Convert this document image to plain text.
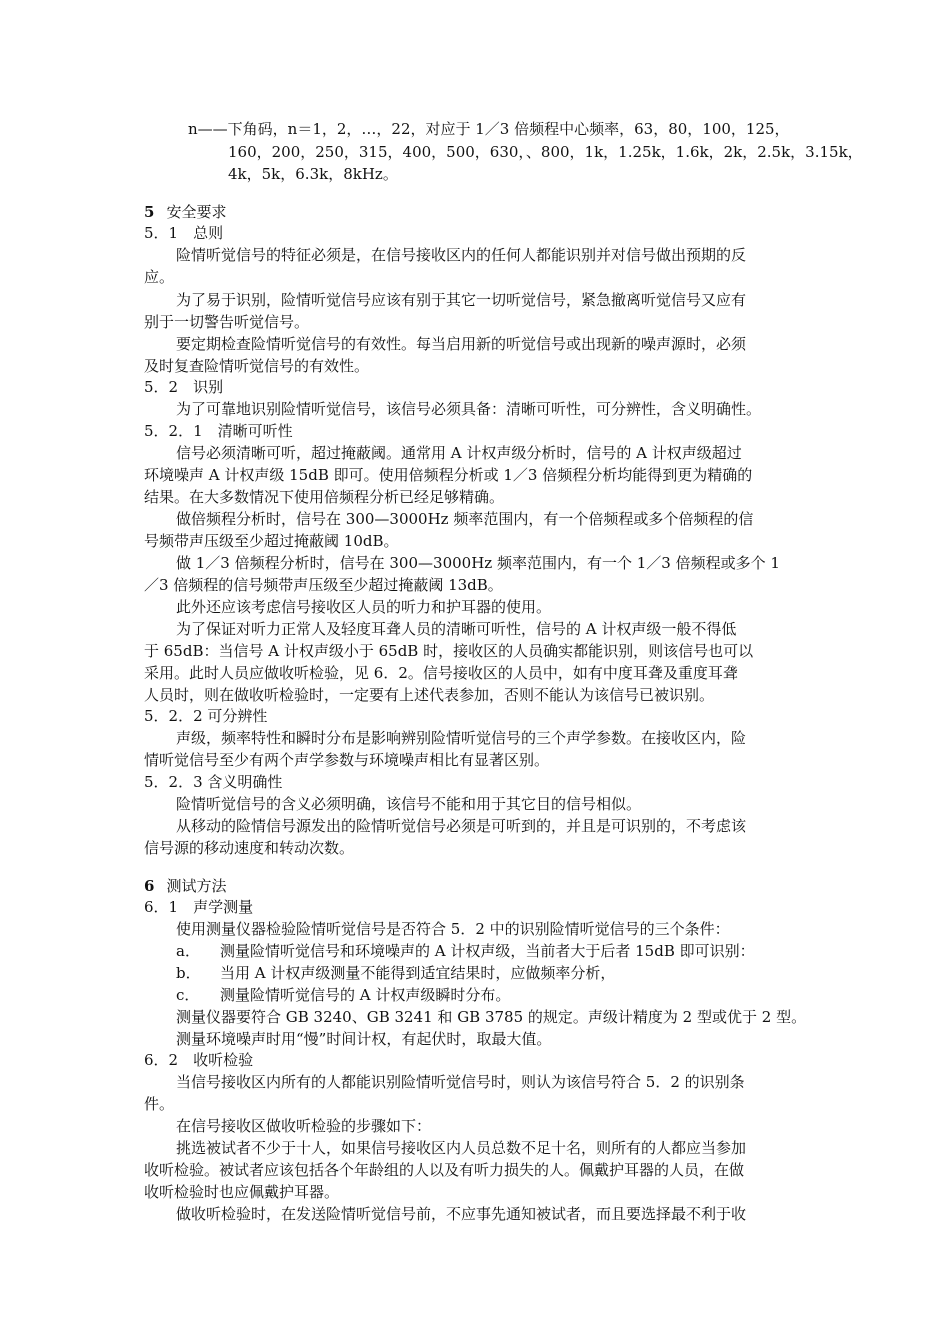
n——下角码，n＝1，2，…，22，对应于 1／3 倍频程中心频率，63，80，100，125，
160，200，250，315，400，500，630，、800，1k，1.25k，1.6k，2k，2.5k，3.15k，
4k，5k，6.3k，8kHz。
5 安全要求
5．1　总则
险情听觉信号的特征必须是，在信号接收区内的任何人都能识别并对信号做出预期的反
应。
为了易于识别，险情听觉信号应该有别于其它一切听觉信号，紧急撤离听觉信号又应有
别于一切警告听觉信号。
要定期检查险情听觉信号的有效性。每当启用新的听觉信号或出现新的噪声源时，必须
及时复查险情听觉信号的有效性。
5．2　识别
为了可靠地识别险情听觉信号，该信号必须具备：清晰可听性，可分辨性，含义明确性。
5．2．1　清晰可听性
信号必须清晰可听，超过掩蔽阈。通常用 A 计权声级分析时，信号的 A 计权声级超过
环境噪声 A 计权声级 15dB 即可。使用倍频程分析或 1／3 倍频程分析均能得到更为精确的
结果。在大多数情况下使用倍频程分析已经足够精确。
做倍频程分析时，信号在 300—3000Hz 频率范围内，有一个倍频程或多个倍频程的信
号频带声压级至少超过掩蔽阈 10dB。
做 1／3 倍频程分析时，信号在 300—3000Hz 频率范围内，有一个 1／3 倍频程或多个 1
／3 倍频程的信号频带声压级至少超过掩蔽阈 13dB。
此外还应该考虑信号接收区人员的听力和护耳器的使用。
为了保证对听力正常人及轻度耳聋人员的清晰可听性，信号的 A 计权声级一般不得低
于 65dB：当信号 A 计权声级小于 65dB 时，接收区的人员确实都能识别，则该信号也可以
采用。此时人员应做收听检验，见 6．2。信号接收区的人员中，如有中度耳聋及重度耳聋
人员时，则在做收听检验时，一定要有上述代表参加，否则不能认为该信号已被识别。
5．2．2 可分辨性
声级，频率特性和瞬时分布是影响辨别险情听觉信号的三个声学参数。在接收区内，险
情听觉信号至少有两个声学参数与环境噪声相比有显著区别。
5．2．3 含义明确性
险情听觉信号的含义必须明确，该信号不能和用于其它目的信号相似。
从移动的险情信号源发出的险情听觉信号必须是可听到的，并且是可识别的，不考虑该
信号源的移动速度和转动次数。
6 测试方法
6．1　声学测量
使用测量仪器检验险情听觉信号是否符合 5．2 中的识别险情听觉信号的三个条件：
a． 测量险情听觉信号和环境噪声的 A 计权声级，当前者大于后者 15dB 即可识别：
b． 当用 A 计权声级测量不能得到适宜结果时，应做频率分析，
c． 测量险情听觉信号的 A 计权声级瞬时分布。
测量仪器要符合 GB 3240、GB 3241 和 GB 3785 的规定。声级计精度为 2 型或优于 2 型。
测量环境噪声时用“慢”时间计权，有起伏时，取最大值。
6．2　收听检验
当信号接收区内所有的人都能识别险情听觉信号时，则认为该信号符合 5．2 的识别条
件。
在信号接收区做收听检验的步骤如下：
挑选被试者不少于十人，如果信号接收区内人员总数不足十名，则所有的人都应当参加
收听检验。被试者应该包括各个年龄组的人以及有听力损失的人。佩戴护耳器的人员，在做
收听检验时也应佩戴护耳器。
做收听检验时，在发送险情听觉信号前，不应事先通知被试者，而且要选择最不利于收
